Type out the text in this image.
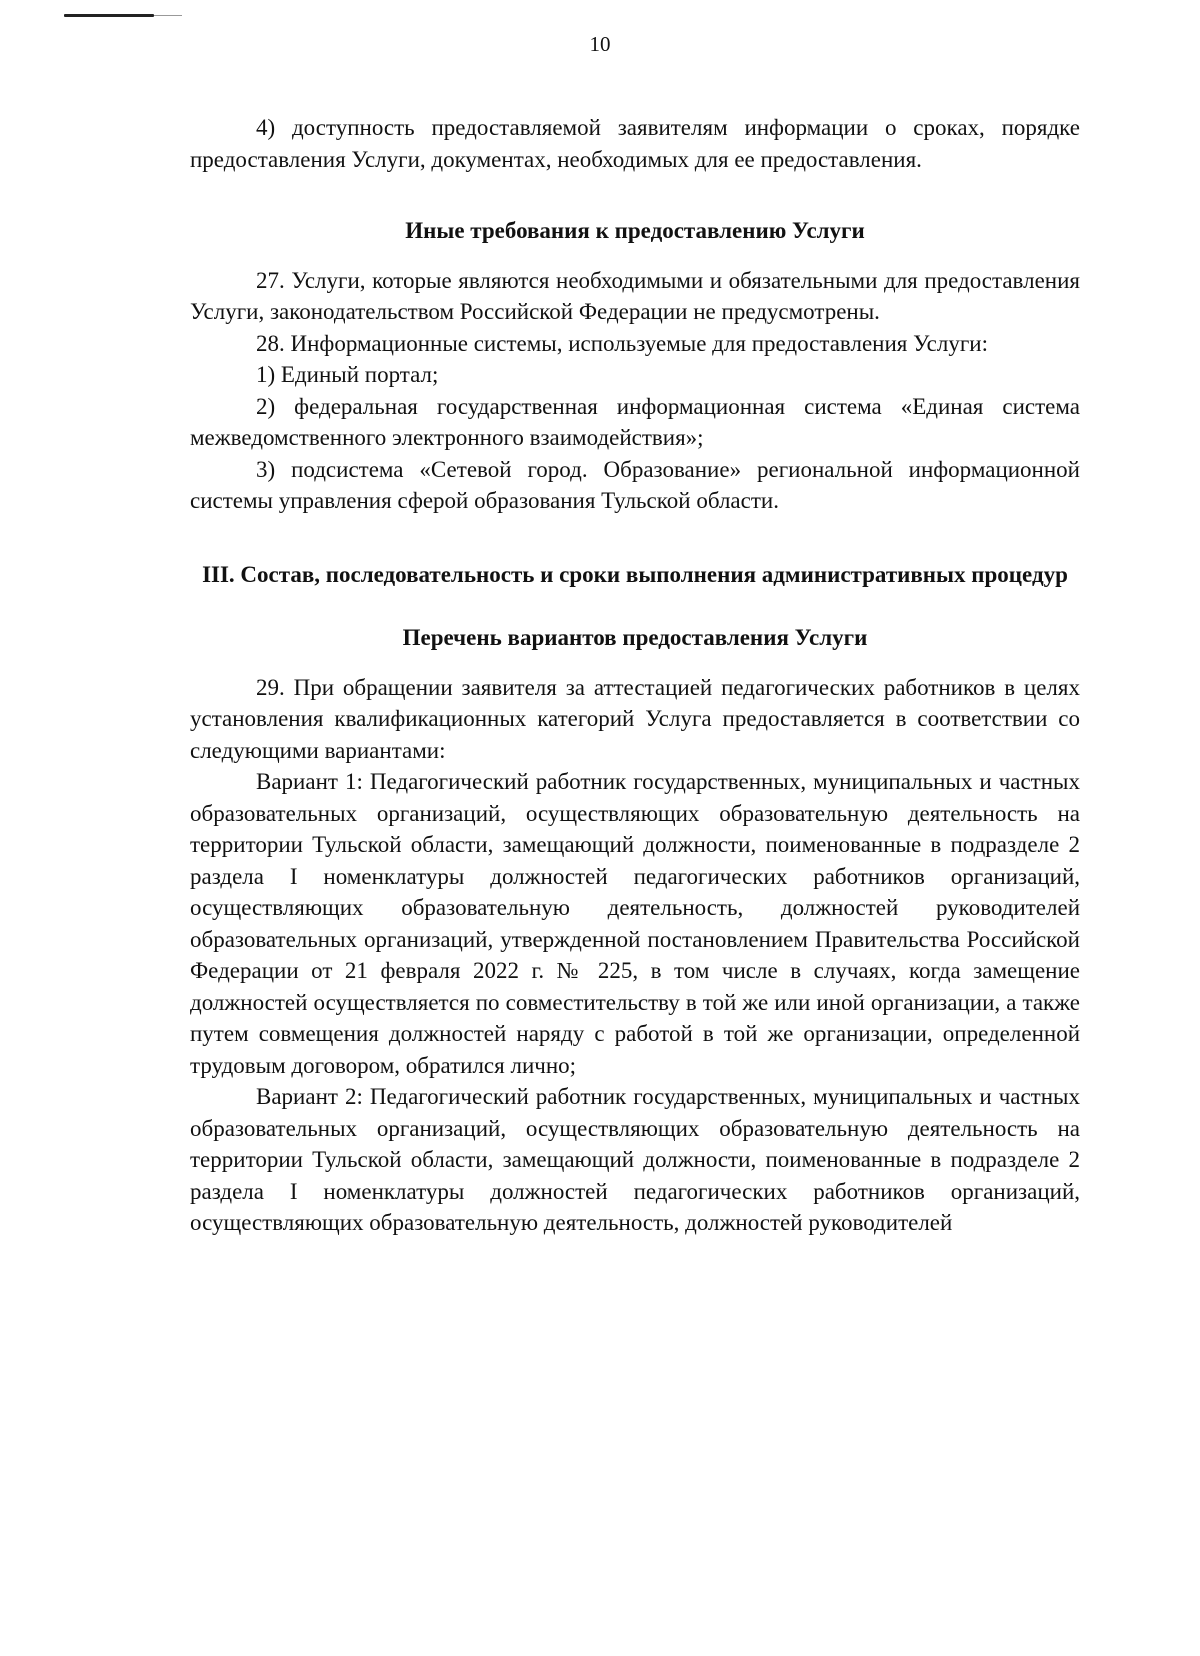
10

4) доступность предоставляемой заявителям информации о сроках, порядке предоставления Услуги, документах, необходимых для ее предоставления.

Иные требования к предоставлению Услуги

27. Услуги, которые являются необходимыми и обязательными для предоставления Услуги, законодательством Российской Федерации не предусмотрены.

28. Информационные системы, используемые для предоставления Услуги:

1) Единый портал;

2) федеральная государственная информационная система «Единая система межведомственного электронного взаимодействия»;

3) подсистема «Сетевой город. Образование» региональной информационной системы управления сферой образования Тульской области.

III. Состав, последовательность и сроки выполнения административных процедур

Перечень вариантов предоставления Услуги

29. При обращении заявителя за аттестацией педагогических работников в целях установления квалификационных категорий Услуга предоставляется в соответствии со следующими вариантами:

Вариант 1: Педагогический работник государственных, муниципальных и частных образовательных организаций, осуществляющих образовательную деятельность на территории Тульской области, замещающий должности, поименованные в подразделе 2 раздела I номенклатуры должностей педагогических работников организаций, осуществляющих образовательную деятельность, должностей руководителей образовательных организаций, утвержденной постановлением Правительства Российской Федерации от 21 февраля 2022 г. № 225, в том числе в случаях, когда замещение должностей осуществляется по совместительству в той же или иной организации, а также путем совмещения должностей наряду с работой в той же организации, определенной трудовым договором, обратился лично;

Вариант 2: Педагогический работник государственных, муниципальных и частных образовательных организаций, осуществляющих образовательную деятельность на территории Тульской области, замещающий должности, поименованные в подразделе 2 раздела I номенклатуры должностей педагогических работников организаций, осуществляющих образовательную деятельность, должностей руководителей
